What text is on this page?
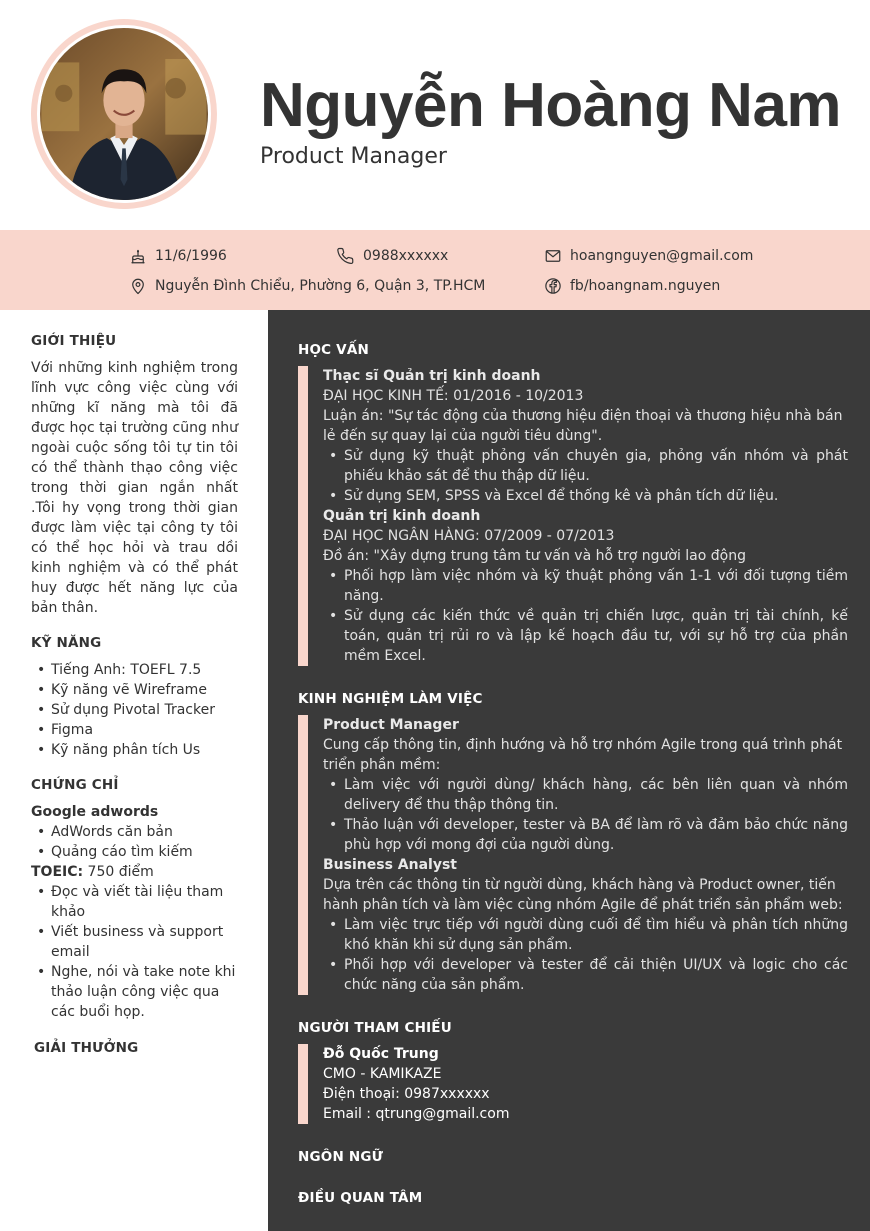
Nguyễn Hoàng Nam
Product Manager
11/6/1996	0988xxxxxx	hoangnguyen@gmail.com
Nguyễn Đình Chiểu, Phường 6, Quận 3, TP.HCM	fb/hoangnam.nguyen
GIỚI THIỆU

Với những kinh nghiệm trong lĩnh vực công việc cùng với những kĩ năng mà tôi đã được học tại trường cũng như ngoài cuộc sống tôi tự tin tôi có thể thành thạo công việc trong thời gian ngắn nhất .Tôi hy vọng trong thời gian được làm việc tại công ty tôi có thể học hỏi và trau dồi kinh nghiệm và có thể phát huy được hết năng lực của bản thân.

KỸ NĂNG
• Tiếng Anh: TOEFL 7.5
• Kỹ năng vẽ Wireframe
• Sử dụng Pivotal Tracker
• Figma
• Kỹ năng phân tích Us
CHỨNG CHỈ
Google adwords
• AdWords căn bản
• Quảng cáo tìm kiếm
TOEIC: 750 điểm
• Đọc và viết tài liệu tham khảo
• Viết business và support email
• Nghe, nói và take note khi thảo luận công việc qua các buổi họp.
GIẢI THƯỞNG
HỌC VẤN
Thạc sĩ Quản trị kinh doanh
ĐẠI HỌC KINH TẾ: 01/2016 - 10/2013
Luận án: "Sự tác động của thương hiệu điện thoại và thương hiệu nhà bán lẻ đến sự quay lại của người tiêu dùng".
• Sử dụng kỹ thuật phỏng vấn chuyên gia, phỏng vấn nhóm và phát phiếu khảo sát để thu thập dữ liệu.
• Sử dụng SEM, SPSS và Excel để thống kê và phân tích dữ liệu.
Quản trị kinh doanh
ĐẠI HỌC NGÂN HÀNG: 07/2009 - 07/2013
Đồ án: "Xây dựng trung tâm tư vấn và hỗ trợ người lao động
• Phối hợp làm việc nhóm và kỹ thuật phỏng vấn 1-1 với đối tượng tiềm năng.
• Sử dụng các kiến thức về quản trị chiến lược, quản trị tài chính, kế toán, quản trị rủi ro và lập kế hoạch đầu tư, với sự hỗ trợ của phần mềm Excel.
KINH NGHIỆM LÀM VIỆC
Product Manager
Cung cấp thông tin, định hướng và hỗ trợ nhóm Agile trong quá trình phát triển phần mềm:
• Làm việc với người dùng/ khách hàng, các bên liên quan và nhóm delivery để thu thập thông tin.
• Thảo luận với developer, tester và BA để làm rõ và đảm bảo chức năng phù hợp với mong đợi của người dùng.
Business Analyst
Dựa trên các thông tin từ người dùng, khách hàng và Product owner, tiến hành phân tích và làm việc cùng nhóm Agile để phát triển sản phẩm web:
• Làm việc trực tiếp với người dùng cuối để tìm hiểu và phân tích những khó khăn khi sử dụng sản phẩm.
• Phối hợp với developer và tester để cải thiện UI/UX và logic cho các chức năng của sản phẩm.
NGƯỜI THAM CHIẾU
Đỗ Quốc Trung
CMO - KAMIKAZE
Điện thoại: 0987xxxxxx
Email : qtrung@gmail.com
NGÔN NGỮ
ĐIỀU QUAN TÂM
